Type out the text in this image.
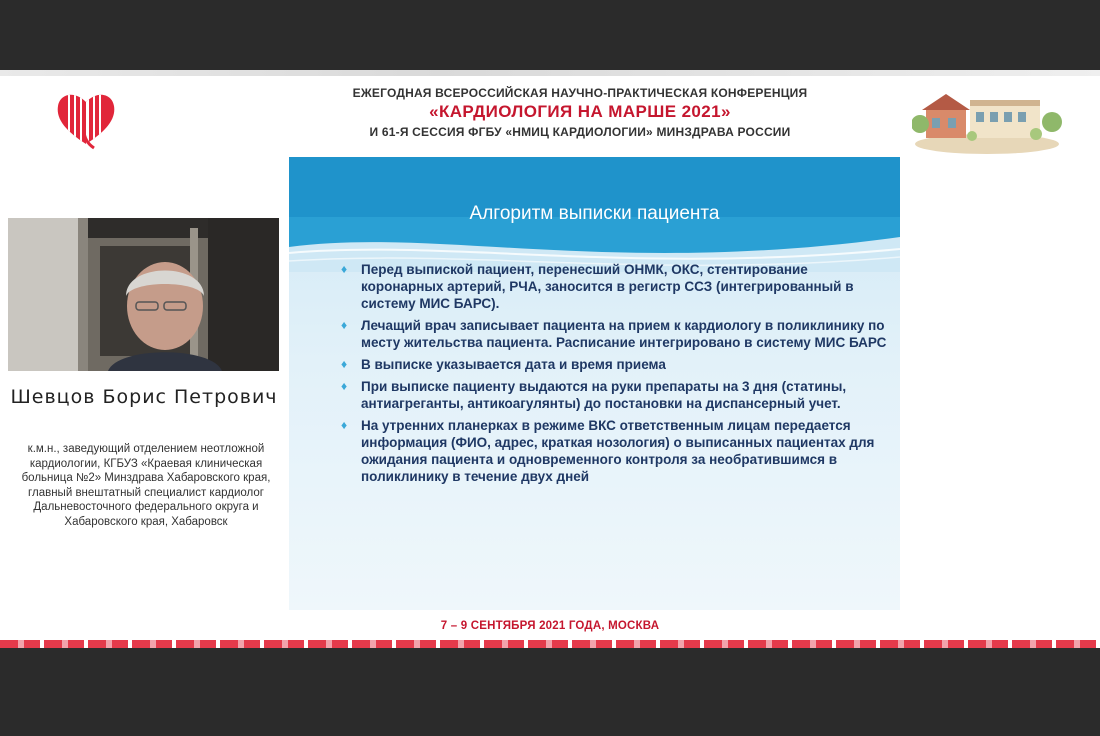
ЕЖЕГОДНАЯ ВСЕРОССИЙСКАЯ НАУЧНО-ПРАКТИЧЕСКАЯ КОНФЕРЕНЦИЯ
«КАРДИОЛОГИЯ НА МАРШЕ 2021»
И 61-Я СЕССИЯ ФГБУ «НМИЦ КАРДИОЛОГИИ» МИНЗДРАВА РОССИИ
Шевцов Борис Петрович
к.м.н., заведующий отделением неотложной кардиологии, КГБУЗ «Краевая клиническая больница №2» Минздрава Хабаровского края, главный внештатный специалист кардиолог Дальневосточного федерального округа и Хабаровского края, Хабаровск
Алгоритм выписки пациента
♦ Перед выпиской пациент, перенесший ОНМК, ОКС, стентирование коронарных артерий, РЧА, заносится в регистр ССЗ (интегрированный в систему МИС БАРС).
♦ Лечащий врач записывает пациента на прием к кардиологу в поликлинику по месту жительства пациента. Расписание интегрировано в систему МИС БАРС
♦ В выписке указывается дата и время приема
♦ При выписке пациенту выдаются на руки препараты на 3 дня (статины, антиагреганты, антикоагулянты) до постановки на диспансерный учет.
♦ На утренних планерках в режиме ВКС ответственным лицам передается информация (ФИО, адрес, краткая нозология) о выписанных пациентах для ожидания пациента и одновременного контроля за необратившимся в поликлинику в течение двух дней
7 – 9 СЕНТЯБРЯ 2021 ГОДА, МОСКВА
